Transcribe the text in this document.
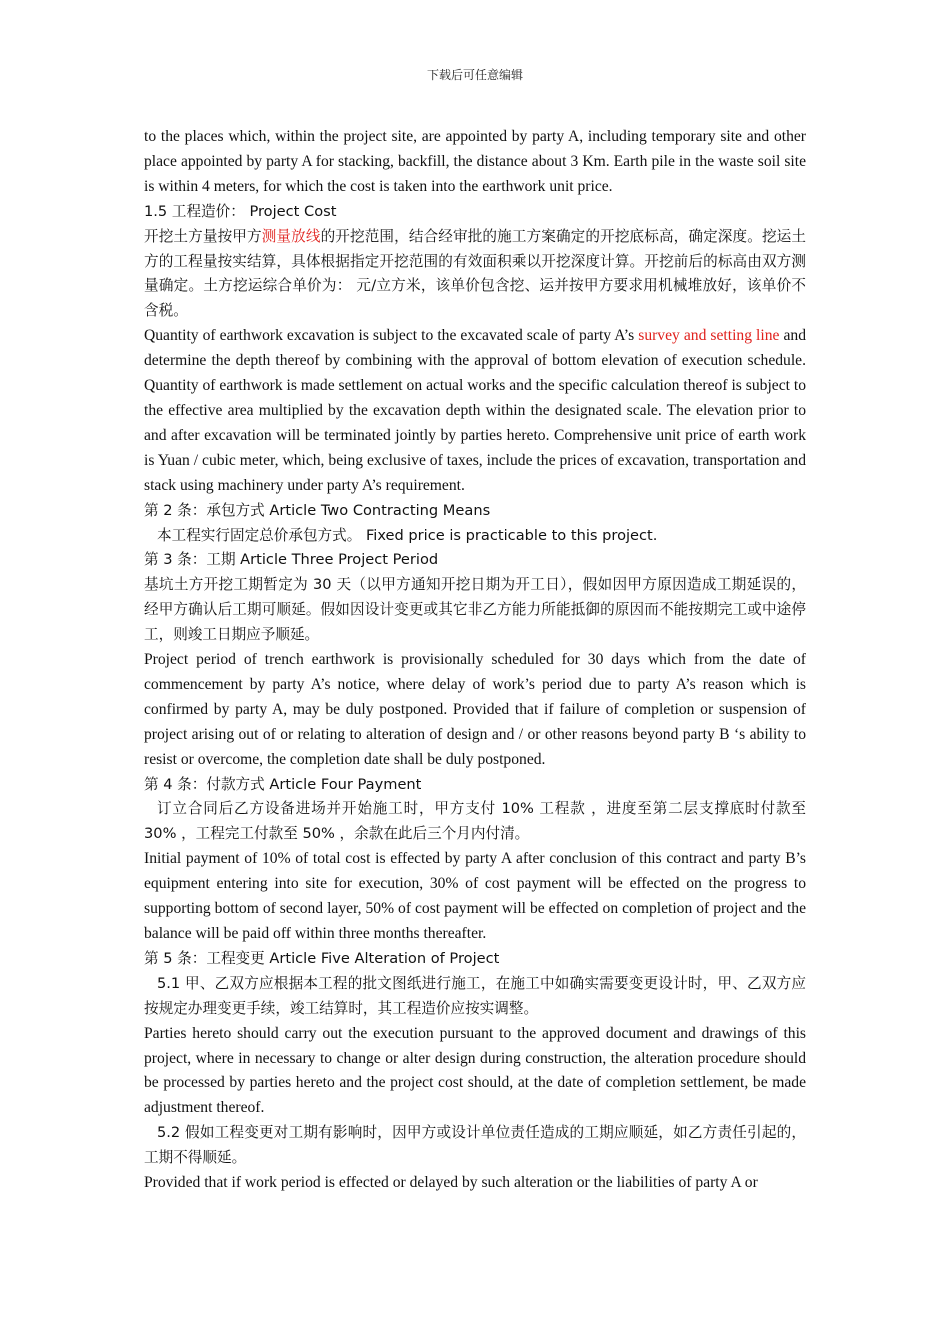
下载后可任意编辑

to the places which, within the project site, are appointed by party A, including temporary site and other place appointed by party A for stacking, backfill, the distance about 3 Km. Earth pile in the waste soil site is within 4 meters, for which the cost is taken into the earthwork unit price.

1.5 工程造价： Project Cost

开挖土方量按甲方测量放线的开挖范围，结合经审批的施工方案确定的开挖底标高，确定深度。挖运土方的工程量按实结算，具体根据指定开挖范围的有效面积乘以开挖深度计算。开挖前后的标高由双方测量确定。土方挖运综合单价为： 元/立方米，该单价包含挖、运并按甲方要求用机械堆放好，该单价不含税。

Quantity of earthwork excavation is subject to the excavated scale of party A’s survey and setting line and determine the depth thereof by combining with the approval of bottom elevation of execution schedule. Quantity of earthwork is made settlement on actual works and the specific calculation thereof is subject to the effective area multiplied by the excavation depth within the designated scale. The elevation prior to and after excavation will be terminated jointly by parties hereto. Comprehensive unit price of earth work is Yuan / cubic meter, which, being exclusive of taxes, include the prices of excavation, transportation and stack using machinery under party A’s requirement.

第 2 条：承包方式 Article Two Contracting Means

本工程实行固定总价承包方式。 Fixed price is practicable to this project.

第 3 条：工期 Article Three Project Period

基坑土方开挖工期暂定为 30 天（以甲方通知开挖日期为开工日），假如因甲方原因造成工期延误的，经甲方确认后工期可顺延。假如因设计变更或其它非乙方能力所能抵御的原因而不能按期完工或中途停工，则竣工日期应予顺延。

Project period of trench earthwork is provisionally scheduled for 30 days which from the date of commencement by party A’s notice, where delay of work’s period due to party A’s reason which is confirmed by party A, may be duly postponed. Provided that if failure of completion or suspension of project arising out of or relating to alteration of design and / or other reasons beyond party B ‘s ability to resist or overcome, the completion date shall be duly postponed.

第 4 条：付款方式 Article Four Payment

订立合同后乙方设备进场并开始施工时，甲方支付 10% 工程款 ，进度至第二层支撑底时付款至 30% ，工程完工付款至 50% ，余款在此后三个月内付清。

Initial payment of 10% of total cost is effected by party A after conclusion of this contract and party B’s equipment entering into site for execution, 30% of cost payment will be effected on the progress to supporting bottom of second layer, 50% of cost payment will be effected on completion of project and the balance will be paid off within three months thereafter.

第 5 条：工程变更 Article Five Alteration of Project

5.1 甲、乙双方应根据本工程的批文图纸进行施工，在施工中如确实需要变更设计时，甲、乙双方应按规定办理变更手续，竣工结算时，其工程造价应按实调整。

Parties hereto should carry out the execution pursuant to the approved document and drawings of this project, where in necessary to change or alter design during construction, the alteration procedure should be processed by parties hereto and the project cost should, at the date of completion settlement, be made adjustment thereof.

5.2 假如工程变更对工期有影响时，因甲方或设计单位责任造成的工期应顺延，如乙方责任引起的，工期不得顺延。

Provided that if work period is effected or delayed by such alteration or the liabilities of party A or
